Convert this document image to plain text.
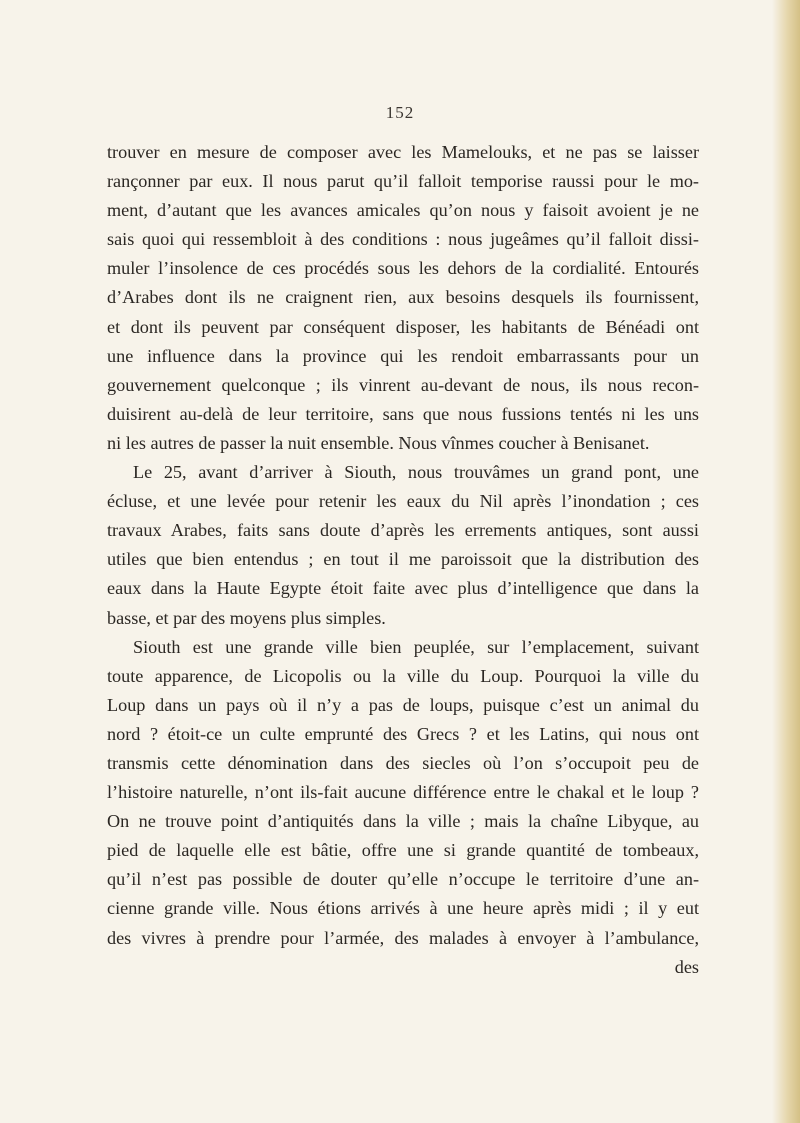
152
trouver en mesure de composer avec les Mamelouks, et ne pas se laisser
rançonner par eux. Il nous parut qu’il falloit temporise raussi pour le mo-
ment, d’autant que les avances amicales qu’on nous y faisoit avoient je ne
sais quoi qui ressembloit à des conditions : nous jugeâmes qu’il falloit dissi-
muler l’insolence de ces procédés sous les dehors de la cordialité. Entourés
d’Arabes dont ils ne craignent rien, aux besoins desquels ils fournissent,
et dont ils peuvent par conséquent disposer, les habitants de Bénéadi ont
une influence dans la province qui les rendoit embarrassants pour un
gouvernement quelconque ; ils vinrent au-devant de nous, ils nous recon-
duisirent au-delà de leur territoire, sans que nous fussions tentés ni les uns
ni les autres de passer la nuit ensemble. Nous vînmes coucher à Benisanet.
Le 25, avant d’arriver à Siouth, nous trouvâmes un grand pont, une
écluse, et une levée pour retenir les eaux du Nil après l’inondation ; ces
travaux Arabes, faits sans doute d’après les errements antiques, sont aussi
utiles que bien entendus ; en tout il me paroissoit que la distribution des
eaux dans la Haute Egypte étoit faite avec plus d’intelligence que dans la
basse, et par des moyens plus simples.
Siouth est une grande ville bien peuplée, sur l’emplacement, suivant
toute apparence, de Licopolis ou la ville du Loup. Pourquoi la ville du
Loup dans un pays où il n’y a pas de loups, puisque c’est un animal du
nord ? étoit-ce un culte emprunté des Grecs ? et les Latins, qui nous ont
transmis cette dénomination dans des siecles où l’on s’occupoit peu de
l’histoire naturelle, n’ont ils-fait aucune différence entre le chakal et le loup ?
On ne trouve point d’antiquités dans la ville ; mais la chaîne Libyque, au
pied de laquelle elle est bâtie, offre une si grande quantité de tombeaux,
qu’il n’est pas possible de douter qu’elle n’occupe le territoire d’une an-
cienne grande ville. Nous étions arrivés à une heure après midi ; il y eut
des vivres à prendre pour l’armée, des malades à envoyer à l’ambulance,
des
